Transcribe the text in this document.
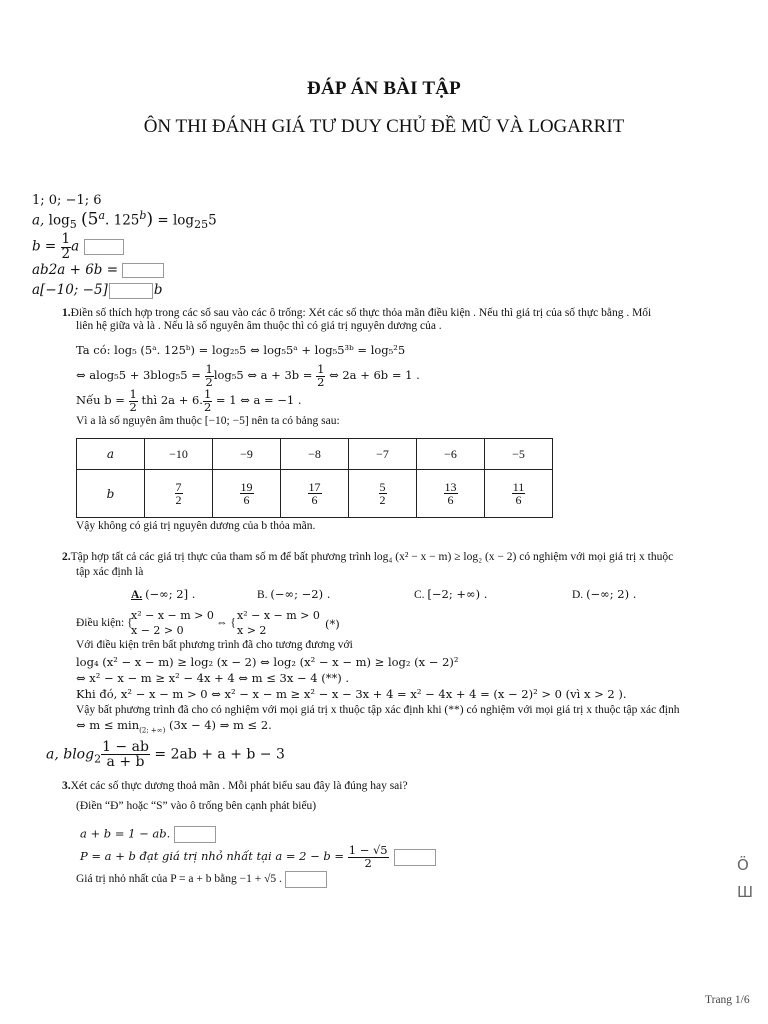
ĐÁP ÁN BÀI TẬP
ÔN THI ĐÁNH GIÁ TƯ DUY CHỦ ĐỀ MŨ VÀ LOGARRIT
1; 0; −1; 6
a, $\log_5 (5^a$. $125^b) = \log_{25}5$
$b = \frac{1}{2}$ a
ab2a + 6b =
a[−10; −5]	b
1.Điền số thích hợp trong các số sau vào các ô trống: Xét các số thực thỏa mãn điều kiện . Nếu thì giá trị của số thực bằng . Mối
liên hệ giữa và là . Nếu là số nguyên âm thuộc thì có giá trị nguyên dương của .
Ta có: log₅ (5ᵃ. 125ᵇ) = log₂₅5 ⇔ log₅5ᵃ + log₅5³ᵇ = log₅²5
⇔ $alog_55 + 3blog_55 = \frac{1}{2} \log_55$ ⇔ $a + 3b = \frac{1}{2}$ ⇔ 2a + 6b = 1 .
Nếu $b = \frac{1}{2}$ thì 2a + 6. $\frac{1}{2} = 1$ ⇔ a = −1 .
Vì a là số nguyên âm thuộc [−10; −5] nên ta có bảng sau:
a	−10	−9	−8	−7	−6	−5
b	$\frac{7}{2}$	$\frac{19}{6}$	$\frac{17}{6}$	$\frac{5}{2}$	$\frac{13}{6}$	$\frac{11}{6}$
Vậy không có giá trị nguyên dương của b thỏa mãn.
2.Tập hợp tất cả các giá trị thực của tham số m để bất phương trình log₄ (x² − x − m) ≥ log₂ (x − 2) có nghiệm với mọi giá trị x thuộc
tập xác định là
A. (−∞; 2] .	B. (−∞; −2) .	C. [−2; +∞) .	D. (−∞; 2) .
Điều kiện: {
x² − x − m > 0
x − 2 > 0
⇔ {
x² − x − m > 0
x > 2	(*)
Với điều kiện trên bất phương trình đã cho tương đương với
log₄ (x² − x − m) ≥ log₂ (x − 2) ⇔ log₂ (x² − x − m) ≥ log₂ (x − 2)²
⇔ x² − x − m ≥ x² − 4x + 4 ⇔ m ≤ 3x − 4 (**) .
Khi đó, x² − x − m > 0 ⇔ x² − x − m ≥ x² − x − 3x + 4 = x² − 4x + 4 = (x − 2)² > 0 (vì x > 2 ).
Vậy bất phương trình đã cho có nghiệm với mọi giá trị x thuộc tập xác định khi (**) có nghiệm với mọi giá trị x thuộc tập xác định
⇔ $m \le \min_{(2; +\infty)} (3x - 4)$ ⇒ m ≤ 2.
a, $blog_2 \frac{1 - ab}{a + b} = 2ab + a + b - 3$
3.Xét các số thực dương thoả mãn . Mỗi phát biểu sau đây là đúng hay sai?
(Điền “Đ” hoặc “S” vào ô trống bên cạnh phát biểu)
a + b = 1 − ab.
P = a + b đạt giá trị nhỏ nhất tại $a = 2 - b = \frac{1 - √5}{2}$

Giá trị nhỏ nhất của P = a + b bằng −1 + √5 .
Ö
Ш
Trang 1/6
